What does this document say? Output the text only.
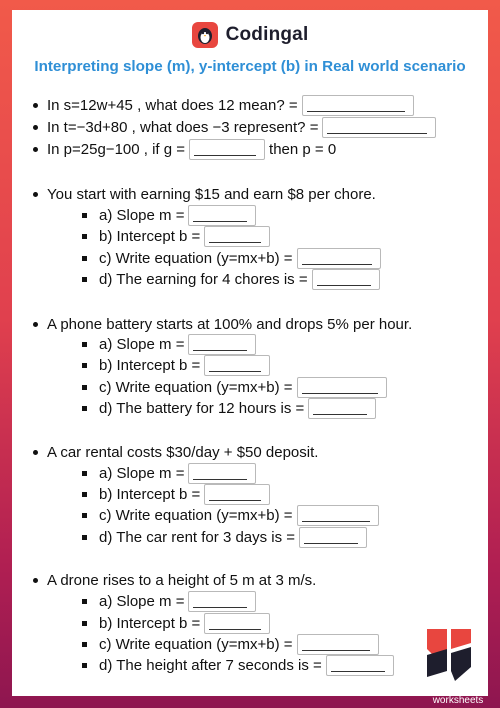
Codingal
Interpreting slope (m), y-intercept (b) in Real world scenario
In s=12w+45 , what does 12 mean? =
In t=−3d+80 , what does −3 represent? =
In p=25g−100 , if g =	then p = 0
You start with earning $15 and earn $8 per chore.
a) Slope m =
b) Intercept b =
c) Write equation (y=mx+b) =
d) The earning for 4 chores is =
A phone battery starts at 100% and drops 5% per hour.
a) Slope m =
b) Intercept b =
c) Write equation (y=mx+b) =
d) The battery for 12 hours is =
A car rental costs $30/day + $50 deposit.
a) Slope m =
b) Intercept b =
c) Write equation (y=mx+b) =
d) The car rent for 3 days is =
A drone rises to a height of 5 m at 3 m/s.
a) Slope m =
b) Intercept b =
c) Write equation (y=mx+b) =
d) The height after 7 seconds is =
TOP
worksheets
